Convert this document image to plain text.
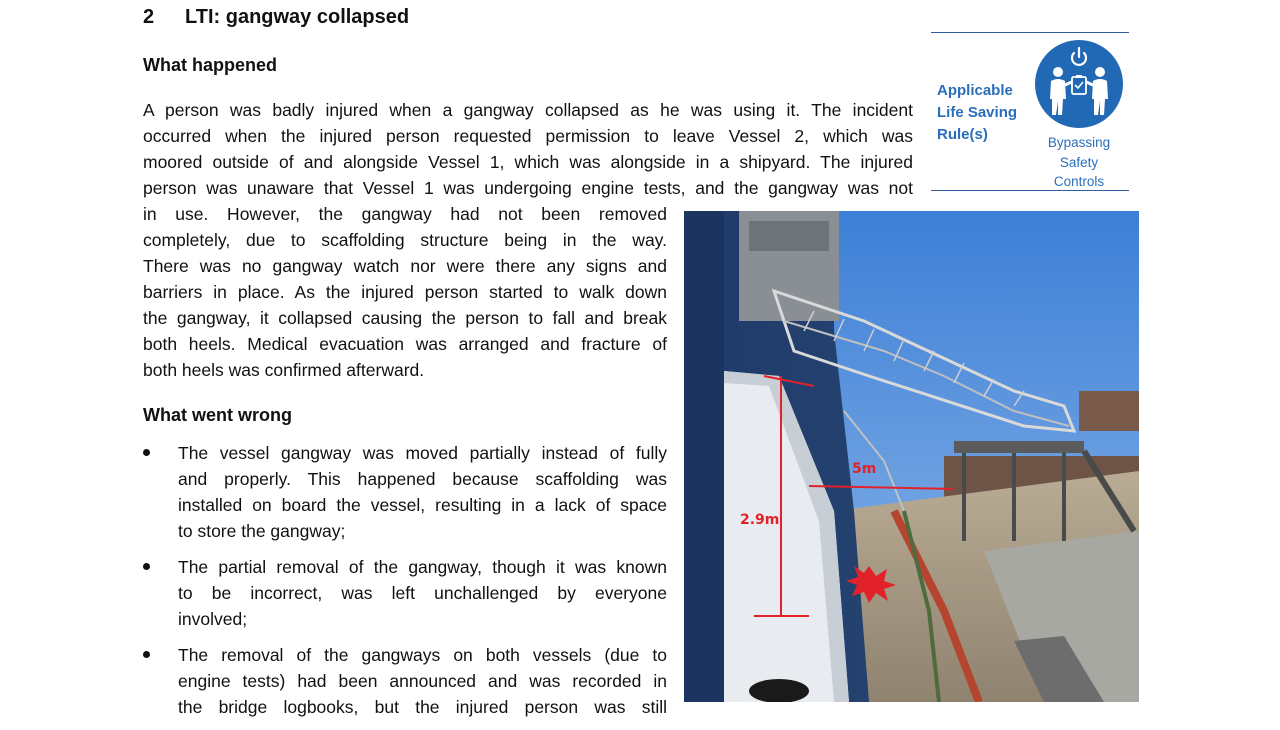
2 LTI: gangway collapsed
What happened
A person was badly injured when a gangway collapsed as he was using it. The incident
occurred when the injured person requested permission to leave Vessel 2, which was
moored outside of and alongside Vessel 1, which was alongside in a shipyard. The injured
person was unaware that Vessel 1 was undergoing engine tests, and the gangway was not
in use. However, the gangway had not been removed
completely, due to scaffolding structure being in the way.
There was no gangway watch nor were there any signs and
barriers in place. As the injured person started to walk down
the gangway, it collapsed causing the person to fall and break
both heels. Medical evacuation was arranged and fracture of
both heels was confirmed afterward.
What went wrong
The vessel gangway was moved partially instead of fully
and properly. This happened because scaffolding was
installed on board the vessel, resulting in a lack of space
to store the gangway;
The partial removal of the gangway, though it was known
to be incorrect, was left unchallenged by everyone
involved;
The removal of the gangways on both vessels (due to
engine tests) had been announced and was recorded in
the bridge logbooks, but the injured person was still
Applicable
Life Saving
Rule(s)	Bypassing
Safety
Controls
2.9m
5m
